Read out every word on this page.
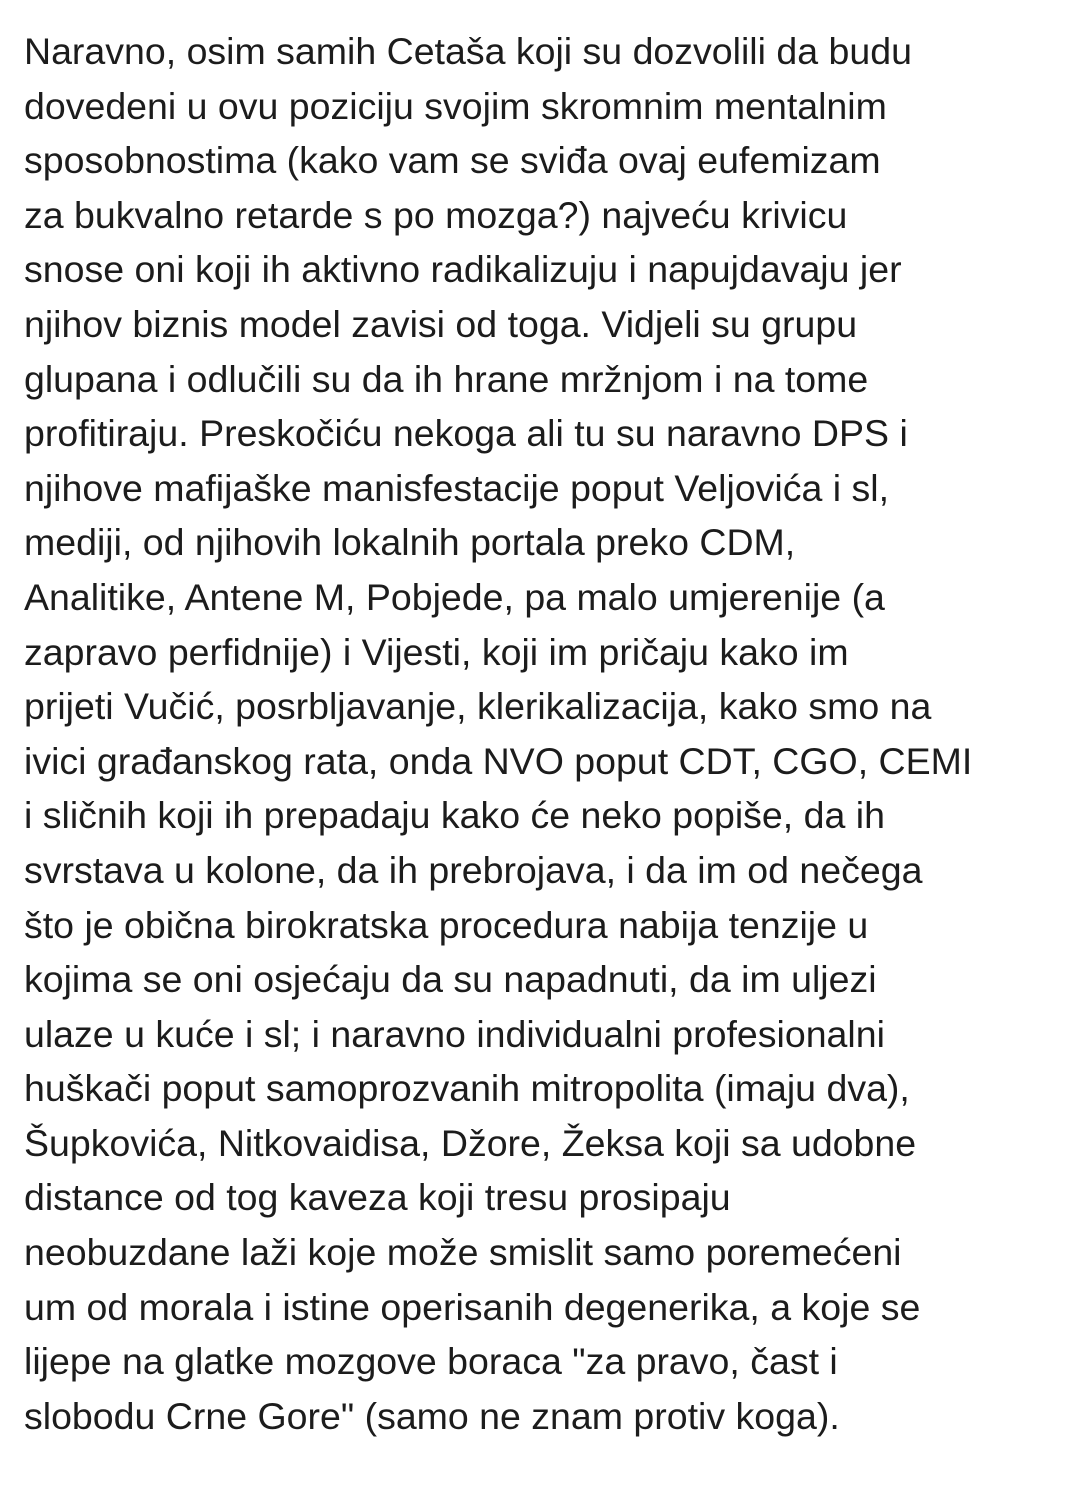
Naravno, osim samih Cetaša koji su dozvolili da budu
dovedeni u ovu poziciju svojim skromnim mentalnim
sposobnostima (kako vam se sviđa ovaj eufemizam
za bukvalno retarde s po mozga?) najveću krivicu
snose oni koji ih aktivno radikalizuju i napujdavaju jer
njihov biznis model zavisi od toga. Vidjeli su grupu
glupana i odlučili su da ih hrane mržnjom i na tome
profitiraju. Preskočiću nekoga ali tu su naravno DPS i
njihove mafijaške manisfestacije poput Veljovića i sl,
mediji, od njihovih lokalnih portala preko CDM,
Analitike, Antene M, Pobjede, pa malo umjerenije (a
zapravo perfidnije) i Vijesti, koji im pričaju kako im
prijeti Vučić, posrbljavanje, klerikalizacija, kako smo na
ivici građanskog rata, onda NVO poput CDT, CGO, CEMI
i sličnih koji ih prepadaju kako će neko popiše, da ih
svrstava u kolone, da ih prebrojava, i da im od nečega
što je obična birokratska procedura nabija tenzije u
kojima se oni osjećaju da su napadnuti, da im uljezi
ulaze u kuće i sl; i naravno individualni profesionalni
huškači poput samoprozvanih mitropolita (imaju dva),
Šupkovića, Nitkovaidisa, Džore, Žeksa koji sa udobne
distance od tog kaveza koji tresu prosipaju
neobuzdane laži koje može smislit samo poremećeni
um od morala i istine operisanih degenerika, a koje se
lijepe na glatke mozgove boraca "za pravo, čast i
slobodu Crne Gore" (samo ne znam protiv koga).
